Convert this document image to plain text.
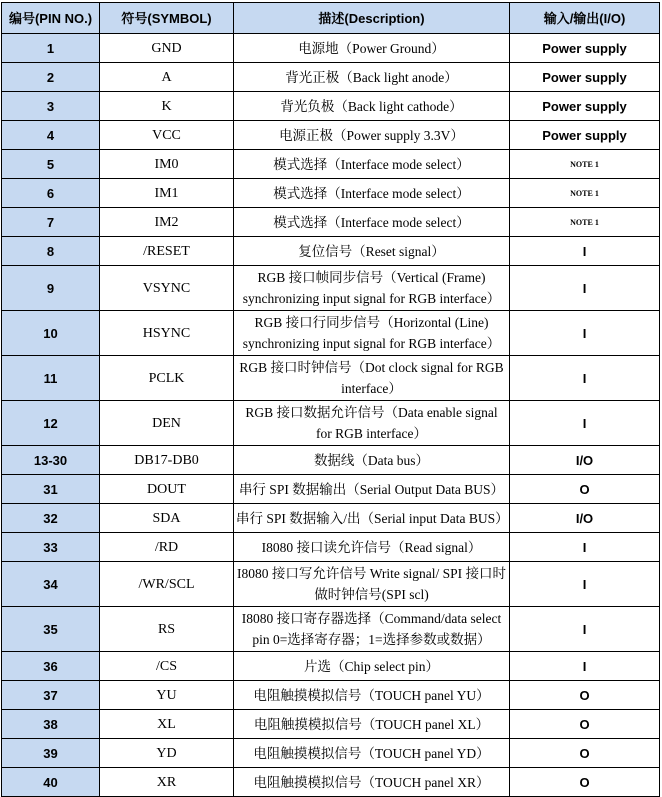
编号(PIN NO.)	符号(SYMBOL)	描述(Description)	输入/输出(I/O)
1	GND	电源地（Power Ground）	Power supply
2	A	背光正极（Back light anode）	Power supply
3	K	背光负极（Back light cathode）	Power supply
4	VCC	电源正极（Power supply 3.3V）	Power supply
5	IM0	模式选择（Interface mode select）	NOTE 1
6	IM1	模式选择（Interface mode select）	NOTE 1
7	IM2	模式选择（Interface mode select）	NOTE 1
8	/RESET	复位信号（Reset signal）	I
9	VSYNC	RGB 接口帧同步信号（Vertical (Frame) synchronizing input signal for RGB interface）	I
10	HSYNC	RGB 接口行同步信号（Horizontal (Line) synchronizing input signal for RGB interface）	I
11	PCLK	RGB 接口时钟信号（Dot clock signal for RGB interface）	I
12	DEN	RGB 接口数据允许信号（Data enable signal for RGB interface）	I
13-30	DB17-DB0	数据线（Data bus）	I/O
31	DOUT	串行 SPI 数据输出（Serial Output Data BUS）	O
32	SDA	串行 SPI 数据输入/出（Serial input Data BUS）	I/O
33	/RD	I8080 接口读允许信号（Read signal）	I
34	/WR/SCL	I8080 接口写允许信号 Write signal/ SPI 接口时做时钟信号(SPI scl)	I
35	RS	I8080 接口寄存器选择（Command/data select pin 0=选择寄存器；1=选择参数或数据）	I
36	/CS	片选（Chip select pin）	I
37	YU	电阻触摸模拟信号（TOUCH panel YU）	O
38	XL	电阻触摸模拟信号（TOUCH panel XL）	O
39	YD	电阻触摸模拟信号（TOUCH panel YD）	O
40	XR	电阻触摸模拟信号（TOUCH panel XR）	O
